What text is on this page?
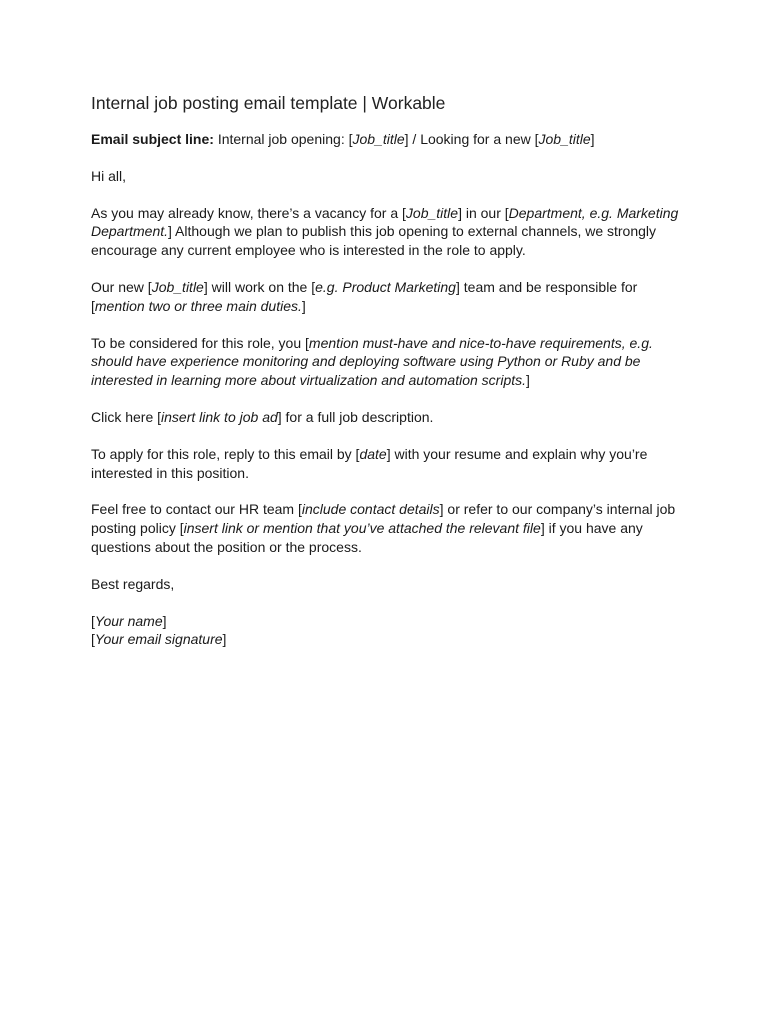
Internal job posting email template | Workable

Email subject line: Internal job opening: [Job_title] / Looking for a new [Job_title]

Hi all,

As you may already know, there’s a vacancy for a [Job_title] in our [Department, e.g. Marketing Department.] Although we plan to publish this job opening to external channels, we strongly encourage any current employee who is interested in the role to apply.

Our new [Job_title] will work on the [e.g. Product Marketing] team and be responsible for [mention two or three main duties.]

To be considered for this role, you [mention must-have and nice-to-have requirements, e.g. should have experience monitoring and deploying software using Python or Ruby and be interested in learning more about virtualization and automation scripts.]

Click here [insert link to job ad] for a full job description.

To apply for this role, reply to this email by [date] with your resume and explain why you’re interested in this position.

Feel free to contact our HR team [include contact details] or refer to our company’s internal job posting policy [insert link or mention that you’ve attached the relevant file] if you have any questions about the position or the process.

Best regards,

[Your name]

[Your email signature]
